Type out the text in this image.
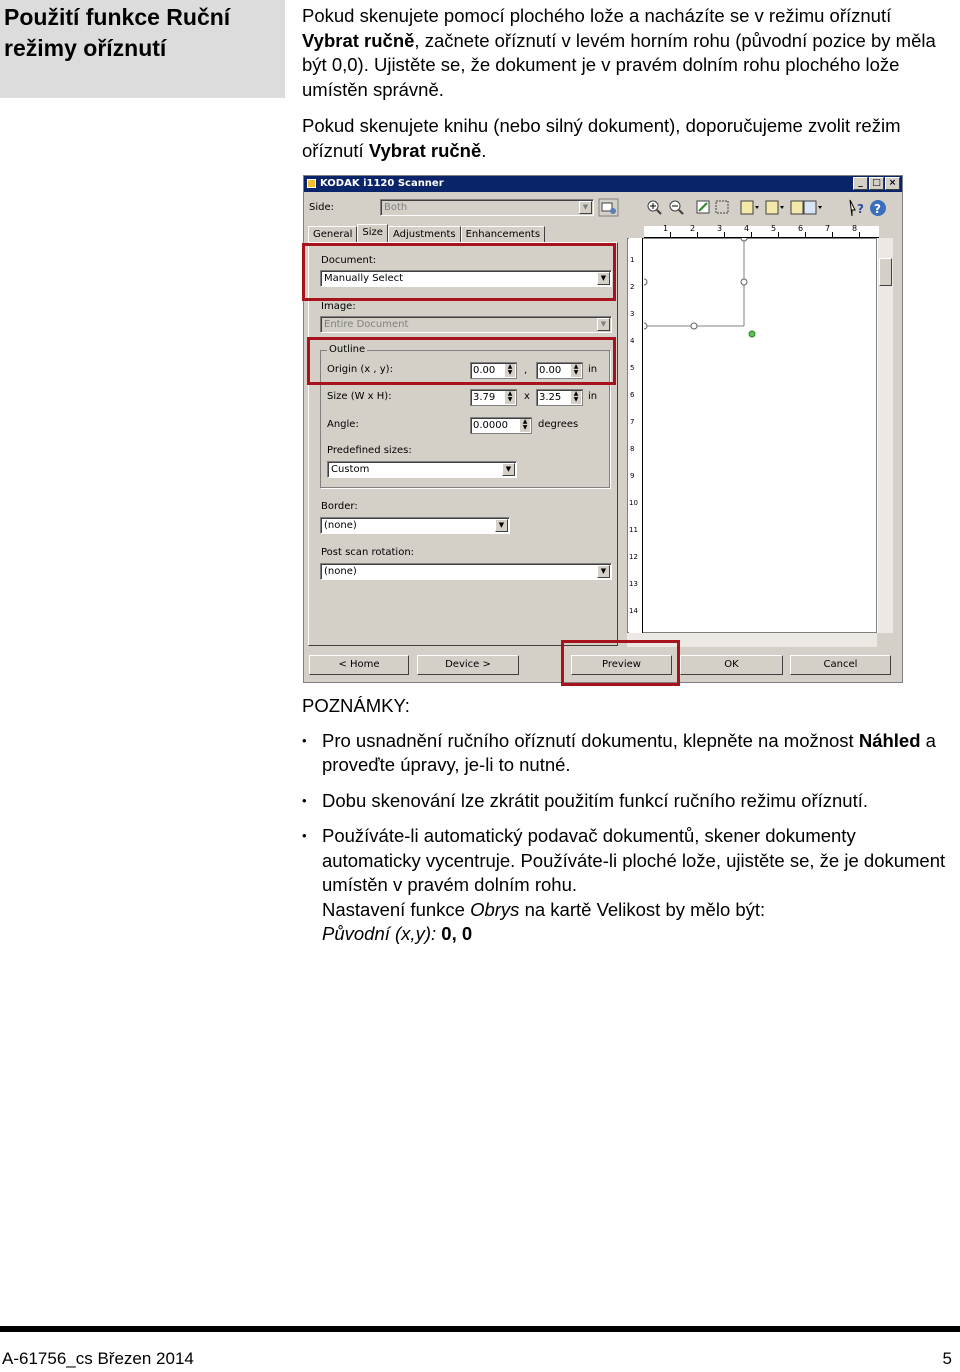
Použití funkce Ruční
režimy oříznutí

Pokud skenujete pomocí plochého lože a nacházíte se v režimu oříznutí Vybrat ručně, začnete oříznutí v levém horním rohu (původní pozice by měla být 0,0). Ujistěte se, že dokument je v pravém dolním rohu plochého lože umístěn správně.

Pokud skenujete knihu (nebo silný dokument), doporučujeme zvolit režim oříznutí Vybrat ručně.

KODAK i1120 Scanner	_	□ ×
Side:	Both	▼	? ?
General	Size	Adjustments	Enhancements
Document:
Manually Select	▼
Image:
Entire Document	▼
Outline
Origin (x , y):	0.00	▲
▼ ,	0.00	▲
▼ in
Size (W x H):	3.79	▲
▼ x 3.25	▲
▼ in
Angle:	0.0000	▲
▼ degrees
Predefined sizes:
Custom	▼
Border:
(none)	▼
Post scan rotation:
(none)	▼
1	2	3	4	5	6	7	8
1
2
3
4
5
6
7
8
9
10
11
12
13
14
< Home	Device >	Preview	OK	Cancel
POZNÁMKY:
• Pro usnadnění ručního oříznutí dokumentu, klepněte na možnost Náhled a proveďte úpravy, je-li to nutné.
• Dobu skenování lze zkrátit použitím funkcí ručního režimu oříznutí.
• Používáte-li automatický podavač dokumentů, skener dokumenty automaticky vycentruje. Používáte-li ploché lože, ujistěte se, že je dokument umístěn v pravém dolním rohu.
Nastavení funkce Obrys na kartě Velikost by mělo být:
Původní (x,y): 0, 0
A-61756_cs Březen 2014	5
